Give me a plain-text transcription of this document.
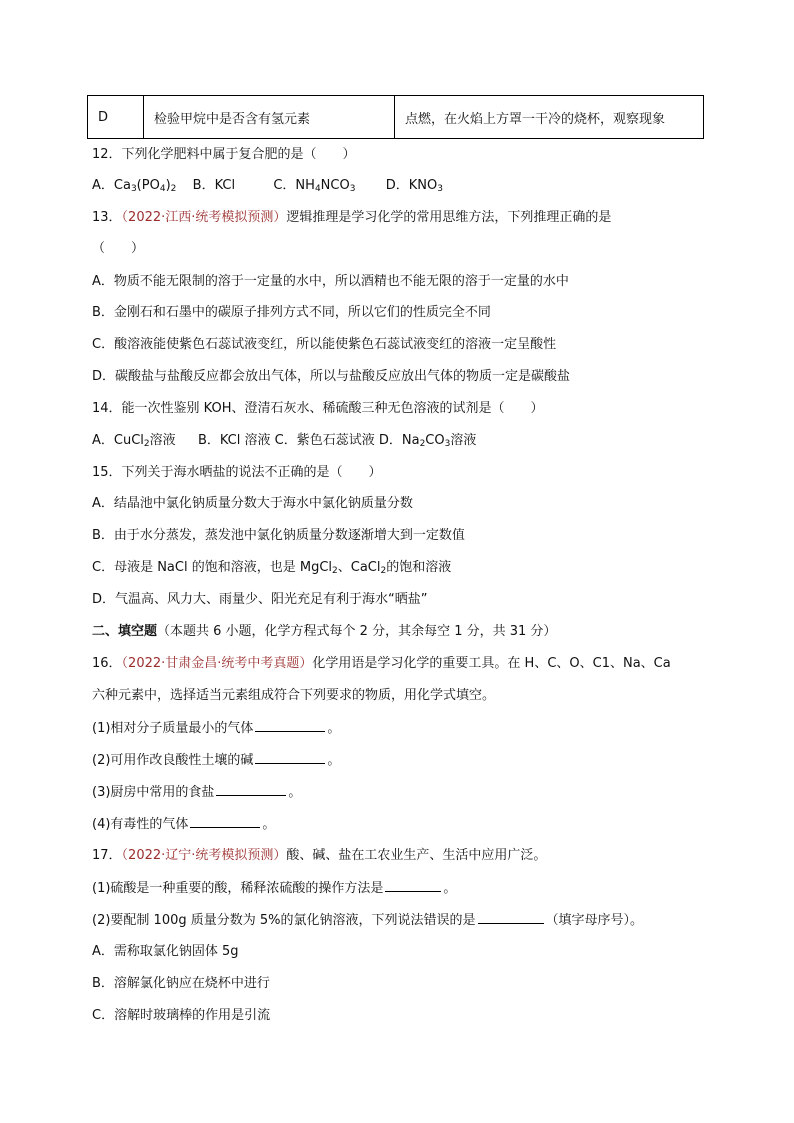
D	检验甲烷中是否含有氢元素	点燃，在火焰上方罩一干冷的烧杯，观察现象
12．下列化学肥料中属于复合肥的是（　　）
A．$Ca_3(PO_4)_2$ B．KCl	C．$NH_4NCO_3$ D．$KNO_3$
13．（2022·江西·统考模拟预测）逻辑推理是学习化学的常用思维方法，下列推理正确的是
（　　）
A．物质不能无限制的溶于一定量的水中，所以酒精也不能无限的溶于一定量的水中
B．金刚石和石墨中的碳原子排列方式不同，所以它们的性质完全不同
C．酸溶液能使紫色石蕊试液变红，所以能使紫色石蕊试液变红的溶液一定呈酸性
D．碳酸盐与盐酸反应都会放出气体，所以与盐酸反应放出气体的物质一定是碳酸盐
14．能一次性鉴别 KOH、澄清石灰水、稀硫酸三种无色溶液的试剂是（　　）
A．CuCl$_2$溶液 B．KCl 溶液 C．紫色石蕊试液 D．$Na_2CO_3$溶液
15．下列关于海水晒盐的说法不正确的是（　　）
A．结晶池中氯化钠质量分数大于海水中氯化钠质量分数
B．由于水分蒸发，蒸发池中氯化钠质量分数逐渐增大到一定数值
C．母液是 NaCl 的饱和溶液，也是 MgCl$_2$、CaCl$_2$的饱和溶液
D．气温高、风力大、雨量少、阳光充足有利于海水“晒盐”
二、填空题（本题共 6 小题，化学方程式每个 2 分，其余每空 1 分，共 31 分）
16．（2022·甘肃金昌·统考中考真题）化学用语是学习化学的重要工具。在 H、C、O、C1、Na、Ca
六种元素中，选择适当元素组成符合下列要求的物质，用化学式填空。
(1)相对分子质量最小的气体	。
(2)可用作改良酸性土壤的碱	。
(3)厨房中常用的食盐	。
(4)有毒性的气体	。
17．（2022·辽宁·统考模拟预测）酸、碱、盐在工农业生产、生活中应用广泛。
(1)硫酸是一种重要的酸，稀释浓硫酸的操作方法是	。
(2)要配制 100g 质量分数为 5%的氯化钠溶液，下列说法错误的是	（填字母序号）。
A．需称取氯化钠固体 5g
B．溶解氯化钠应在烧杯中进行
C．溶解时玻璃棒的作用是引流
